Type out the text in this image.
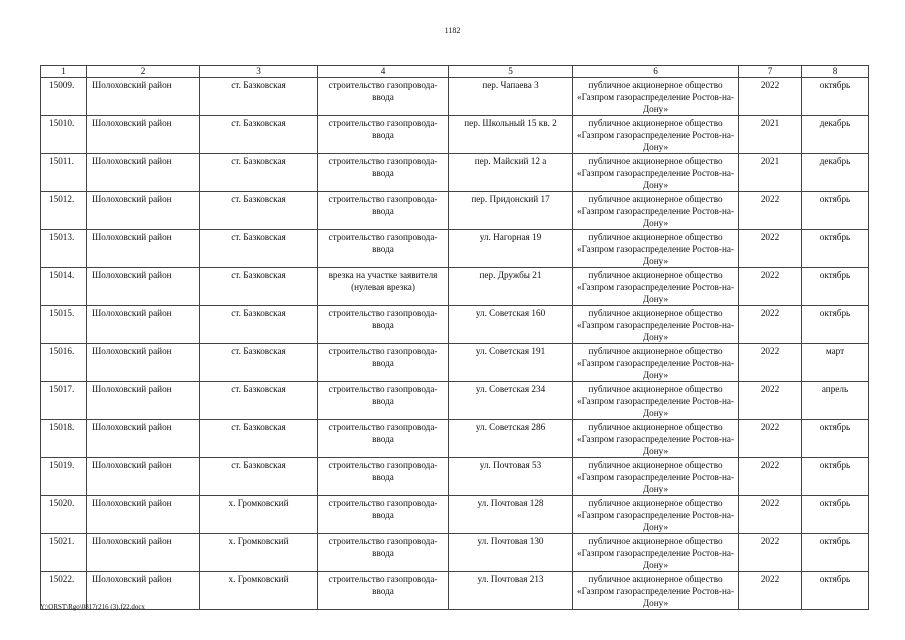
1182
1	2	3	4	5	6	7	8
15009.	Шолоховский район	ст. Базковская	строительство газопровода-ввода	пер. Чапаева 3	публичное акционерное общество «Газпром газораспределение Ростов-на-Дону»	2022	октябрь
15010.	Шолоховский район	ст. Базковская	строительство газопровода-ввода	пер. Школьный 15 кв. 2	публичное акционерное общество «Газпром газораспределение Ростов-на-Дону»	2021	декабрь
15011.	Шолоховский район	ст. Базковская	строительство газопровода-ввода	пер. Майский 12 а	публичное акционерное общество «Газпром газораспределение Ростов-на-Дону»	2021	декабрь
15012.	Шолоховский район	ст. Базковская	строительство газопровода-ввода	пер. Придонский 17	публичное акционерное общество «Газпром газораспределение Ростов-на-Дону»	2022	октябрь
15013.	Шолоховский район	ст. Базковская	строительство газопровода-ввода	ул. Нагорная 19	публичное акционерное общество «Газпром газораспределение Ростов-на-Дону»	2022	октябрь
15014.	Шолоховский район	ст. Базковская	врезка на участке заявителя (нулевая врезка)	пер. Дружбы 21	публичное акционерное общество «Газпром газораспределение Ростов-на-Дону»	2022	октябрь
15015.	Шолоховский район	ст. Базковская	строительство газопровода-ввода	ул. Советская 160	публичное акционерное общество «Газпром газораспределение Ростов-на-Дону»	2022	октябрь
15016.	Шолоховский район	ст. Базковская	строительство газопровода-ввода	ул. Советская 191	публичное акционерное общество «Газпром газораспределение Ростов-на-Дону»	2022	март
15017.	Шолоховский район	ст. Базковская	строительство газопровода-ввода	ул. Советская 234	публичное акционерное общество «Газпром газораспределение Ростов-на-Дону»	2022	апрель
15018.	Шолоховский район	ст. Базковская	строительство газопровода-ввода	ул. Советская 286	публичное акционерное общество «Газпром газораспределение Ростов-на-Дону»	2022	октябрь
15019.	Шолоховский район	ст. Базковская	строительство газопровода-ввода	ул. Почтовая 53	публичное акционерное общество «Газпром газораспределение Ростов-на-Дону»	2022	октябрь
15020.	Шолоховский район	х. Громковский	строительство газопровода-ввода	ул. Почтовая 128	публичное акционерное общество «Газпром газораспределение Ростов-на-Дону»	2022	октябрь
15021.	Шолоховский район	х. Громковский	строительство газопровода-ввода	ул. Почтовая 130	публичное акционерное общество «Газпром газораспределение Ростов-на-Дону»	2022	октябрь
15022.	Шолоховский район	х. Громковский	строительство газопровода-ввода	ул. Почтовая 213	публичное акционерное общество «Газпром газораспределение Ростов-на-Дону»	2022	октябрь
Y:\ORST\Rgo\0817r216 (3).f22.docx
